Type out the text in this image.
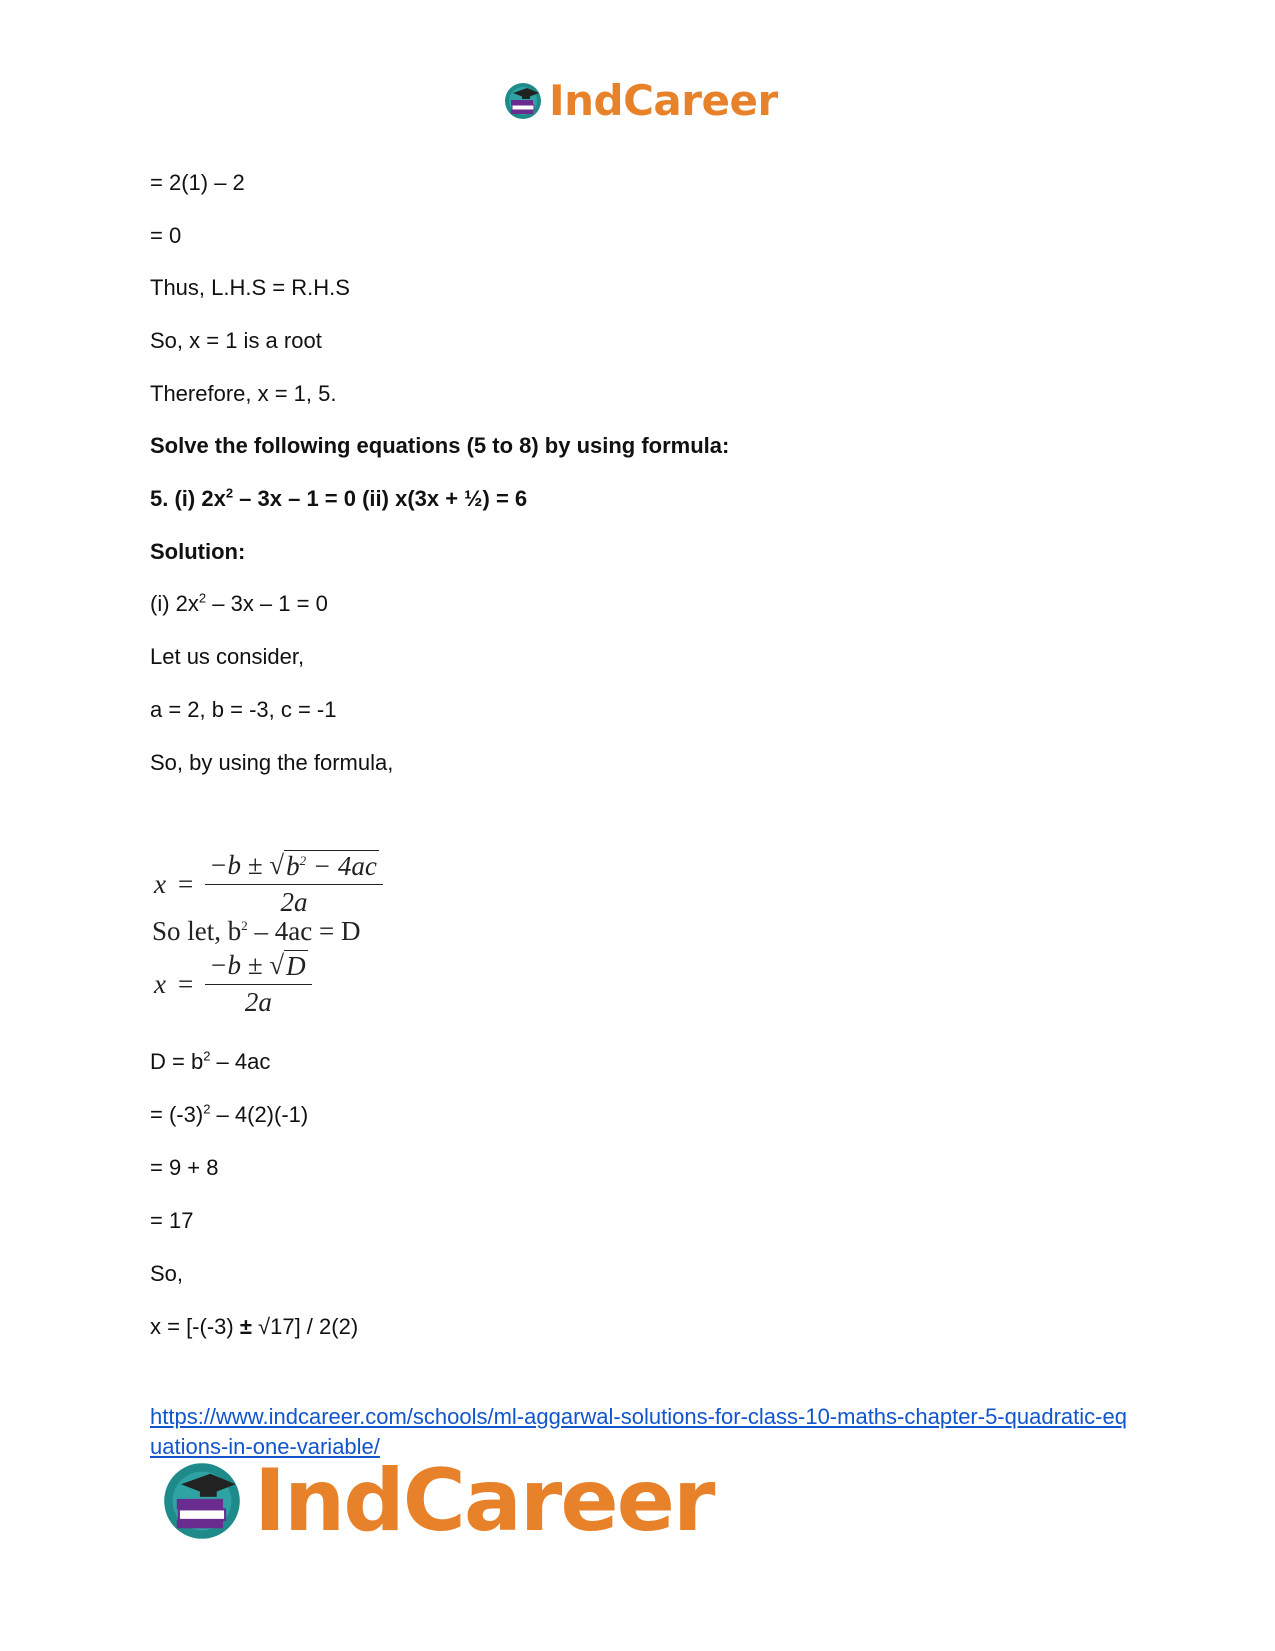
IndCareer
= 2(1) – 2
= 0
Thus, L.H.S = R.H.S
So, x = 1 is a root
Therefore, x = 1, 5.
Solve the following equations (5 to 8) by using formula:
5. (i) $2x^2 - 3x - 1 = 0$ (ii) x(3x + ½) = 6
Solution:
(i) $2x^2 - 3x - 1 = 0$
Let us consider,
a = 2, b = -3, c = -1
So, by using the formula,
$x = \frac{-b \pm √ b^2 - 4ac}{2a}$
So let, $b^2 - 4ac = D$
$x = \frac{-b \pm √ D}{2a}$
$D = b^2 - 4ac$
= $(-3)^2 - 4(2)(-1)$
= 9 + 8
= 17
So,
x = [-(-3) ± √17] / 2(2)
https://www.indcareer.com/schools/ml-aggarwal-solutions-for-class-10-maths-chapter-5-quadratic-equations-in-one-variable/
IndCareer
